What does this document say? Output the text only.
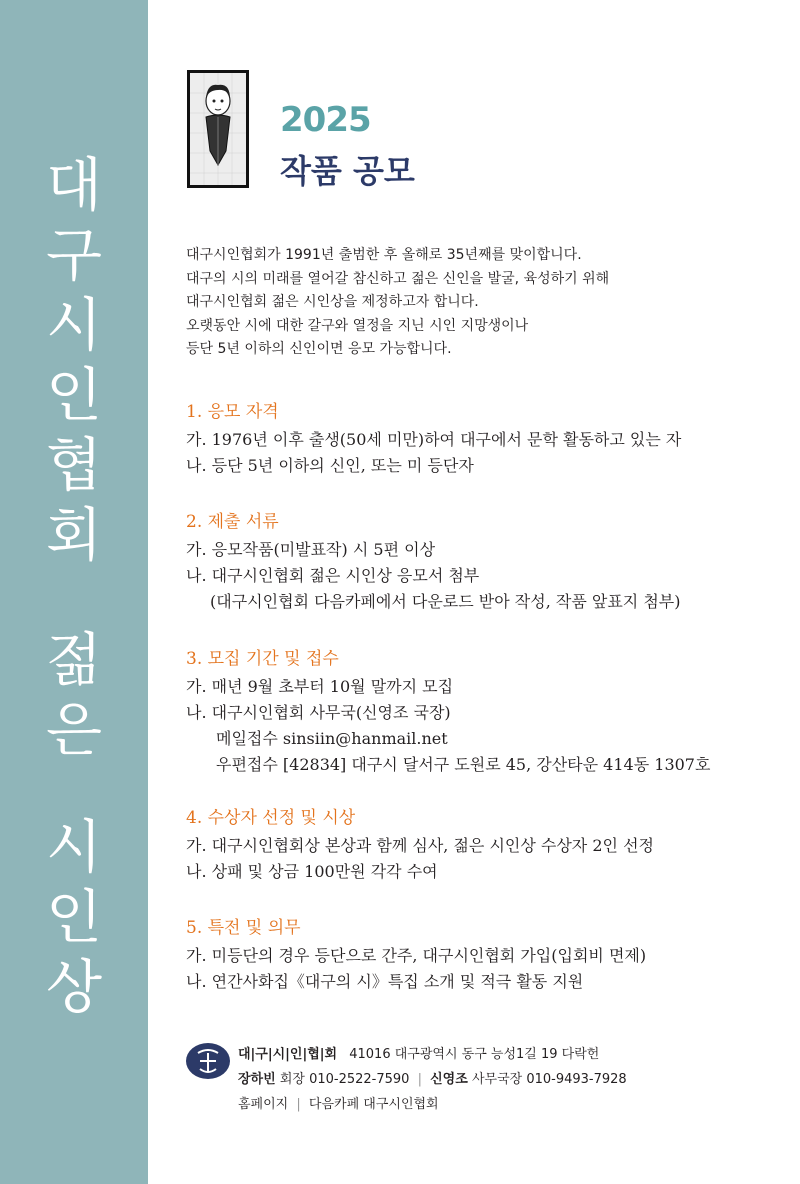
대
구
시
인
협
회
젊
은
시
인
상
2025
작품 공모
대구시인협회가 1991년 출범한 후 올해로 35년째를 맞이합니다.
대구의 시의 미래를 열어갈 참신하고 젊은 신인을 발굴, 육성하기 위해
대구시인협회 젊은 시인상을 제정하고자 합니다.
오랫동안 시에 대한 갈구와 열정을 지닌 시인 지망생이나
등단 5년 이하의 신인이면 응모 가능합니다.
1. 응모 자격
가. 1976년 이후 출생(50세 미만)하여 대구에서 문학 활동하고 있는 자
나. 등단 5년 이하의 신인, 또는 미 등단자
2. 제출 서류
가. 응모작품(미발표작) 시 5편 이상
나. 대구시인협회 젊은 시인상 응모서 첨부
(대구시인협회 다음카페에서 다운로드 받아 작성, 작품 앞표지 첨부)
3. 모집 기간 및 접수
가. 매년 9월 초부터 10월 말까지 모집
나. 대구시인협회 사무국(신영조 국장)
메일접수 sinsiin@hanmail.net
우편접수 [42834] 대구시 달서구 도원로 45, 강산타운 414동 1307호
4. 수상자 선정 및 시상
가. 대구시인협회상 본상과 함께 심사, 젊은 시인상 수상자 2인 선정
나. 상패 및 상금 100만원 각각 수여
5. 특전 및 의무
가. 미등단의 경우 등단으로 간주, 대구시인협회 가입(입회비 면제)
나. 연간사화집《대구의 시》특집 소개 및 적극 활동 지원
대|구|시|인|협|회 41016 대구광역시 동구 능성1길 19 다락헌
장하빈 회장 010-2522-7590 | 신영조 사무국장 010-9493-7928
홈페이지 | 다음카페 대구시인협회
